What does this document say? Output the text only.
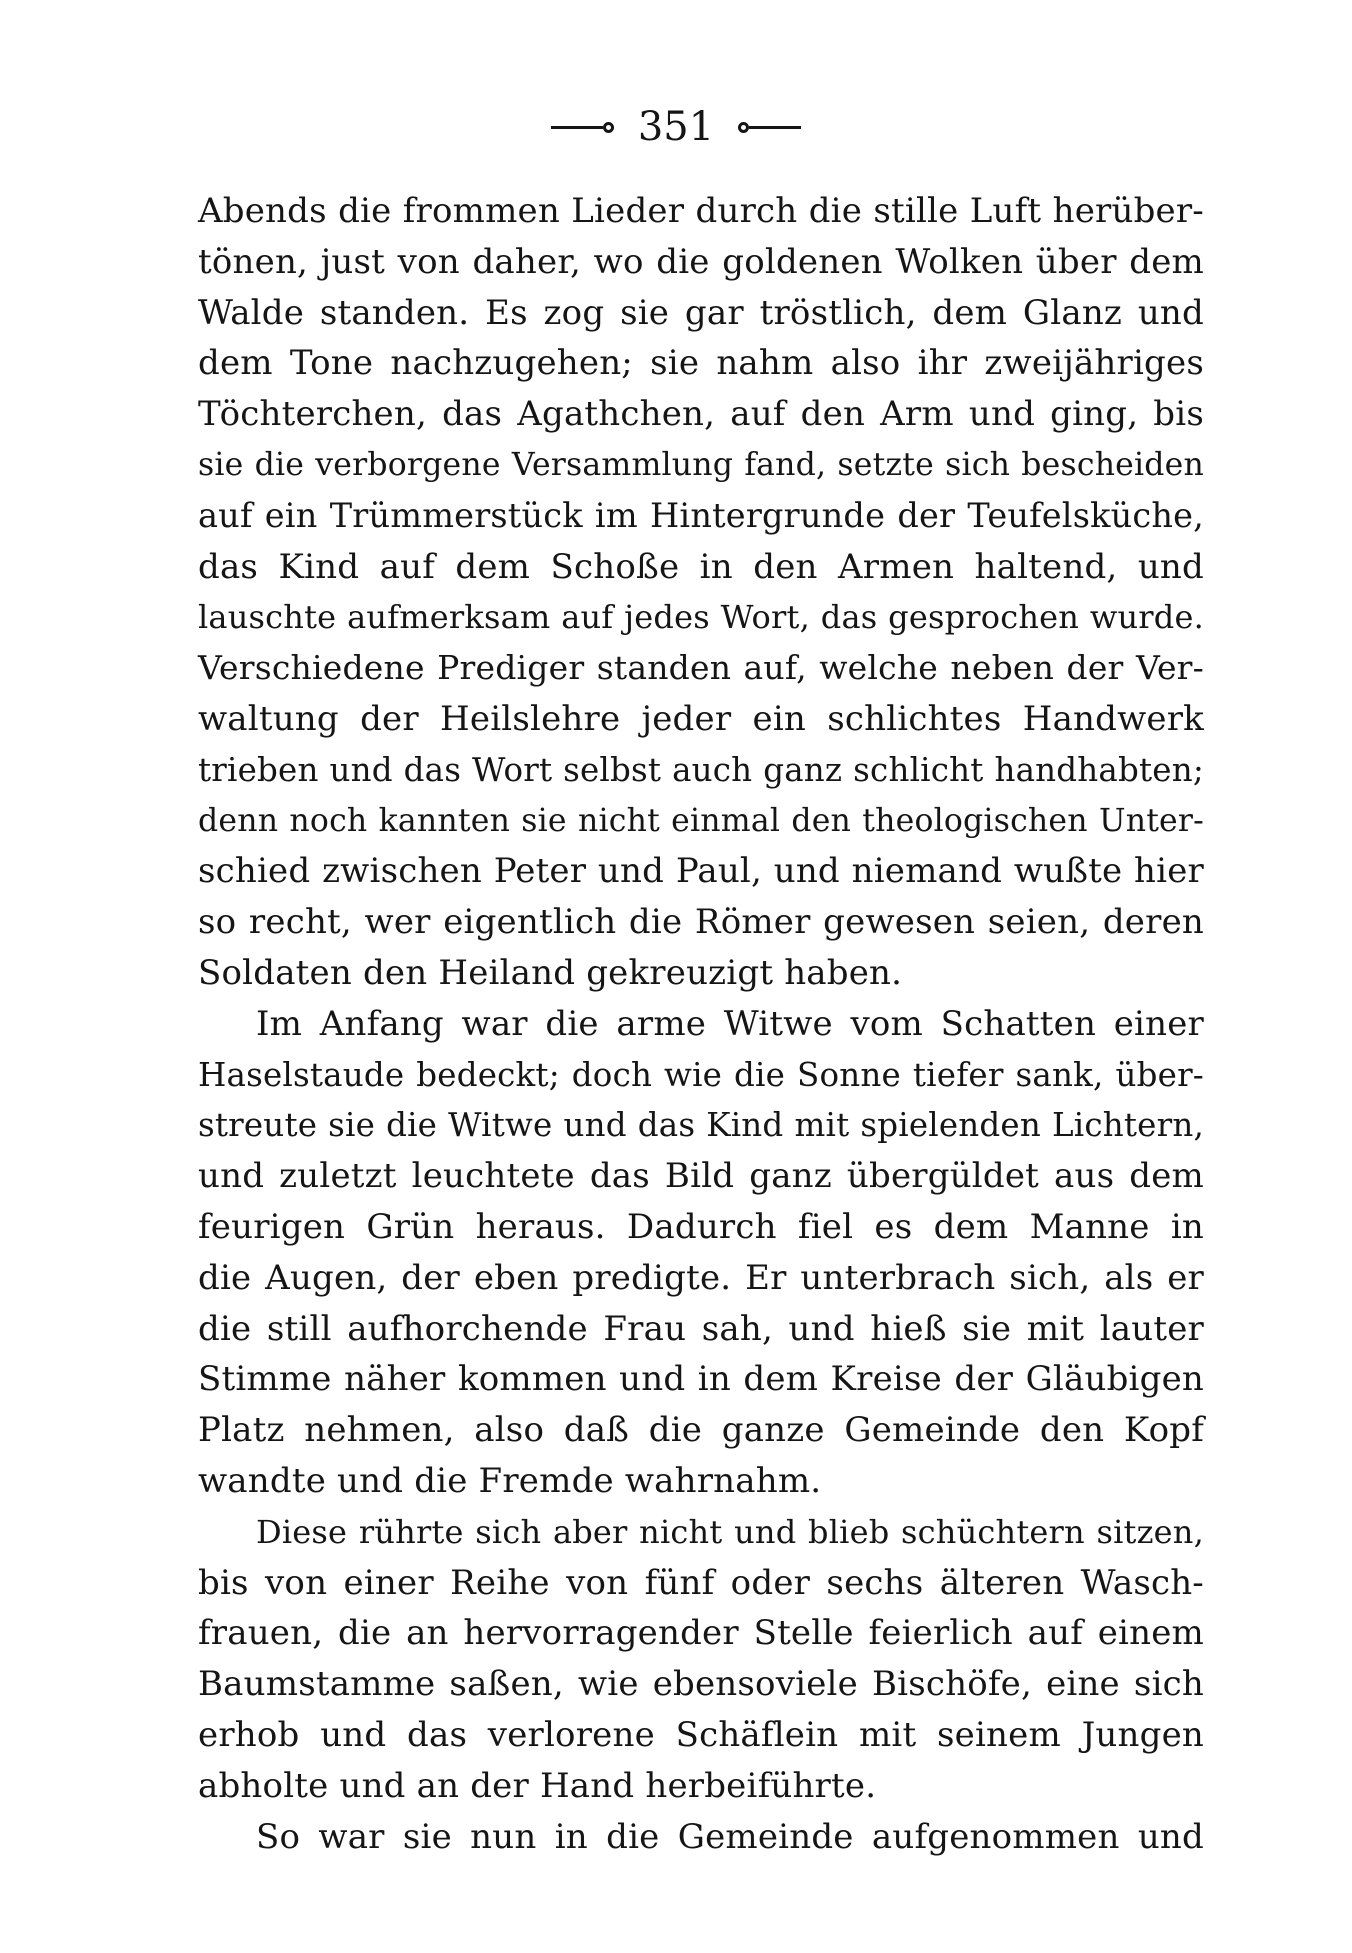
351
Abends die frommen Lieder durch die stille Luft herüber-
tönen, just von daher, wo die goldenen Wolken über dem
Walde standen. Es zog sie gar tröstlich, dem Glanz und
dem Tone nachzugehen; sie nahm also ihr zweijähriges
Töchterchen, das Agathchen, auf den Arm und ging, bis
sie die verborgene Versammlung fand, setzte sich bescheiden
auf ein Trümmerstück im Hintergrunde der Teufelsküche,
das Kind auf dem Schoße in den Armen haltend, und
lauschte aufmerksam auf jedes Wort, das gesprochen wurde.
Verschiedene Prediger standen auf, welche neben der Ver-
waltung der Heilslehre jeder ein schlichtes Handwerk
trieben und das Wort selbst auch ganz schlicht handhabten;
denn noch kannten sie nicht einmal den theologischen Unter-
schied zwischen Peter und Paul, und niemand wußte hier
so recht, wer eigentlich die Römer gewesen seien, deren
Soldaten den Heiland gekreuzigt haben.
Im Anfang war die arme Witwe vom Schatten einer
Haselstaude bedeckt; doch wie die Sonne tiefer sank, über-
streute sie die Witwe und das Kind mit spielenden Lichtern,
und zuletzt leuchtete das Bild ganz übergüldet aus dem
feurigen Grün heraus. Dadurch fiel es dem Manne in
die Augen, der eben predigte. Er unterbrach sich, als er
die still aufhorchende Frau sah, und hieß sie mit lauter
Stimme näher kommen und in dem Kreise der Gläubigen
Platz nehmen, also daß die ganze Gemeinde den Kopf
wandte und die Fremde wahrnahm.
Diese rührte sich aber nicht und blieb schüchtern sitzen,
bis von einer Reihe von fünf oder sechs älteren Wasch-
frauen, die an hervorragender Stelle feierlich auf einem
Baumstamme saßen, wie ebensoviele Bischöfe, eine sich
erhob und das verlorene Schäflein mit seinem Jungen
abholte und an der Hand herbeiführte.
So war sie nun in die Gemeinde aufgenommen und
